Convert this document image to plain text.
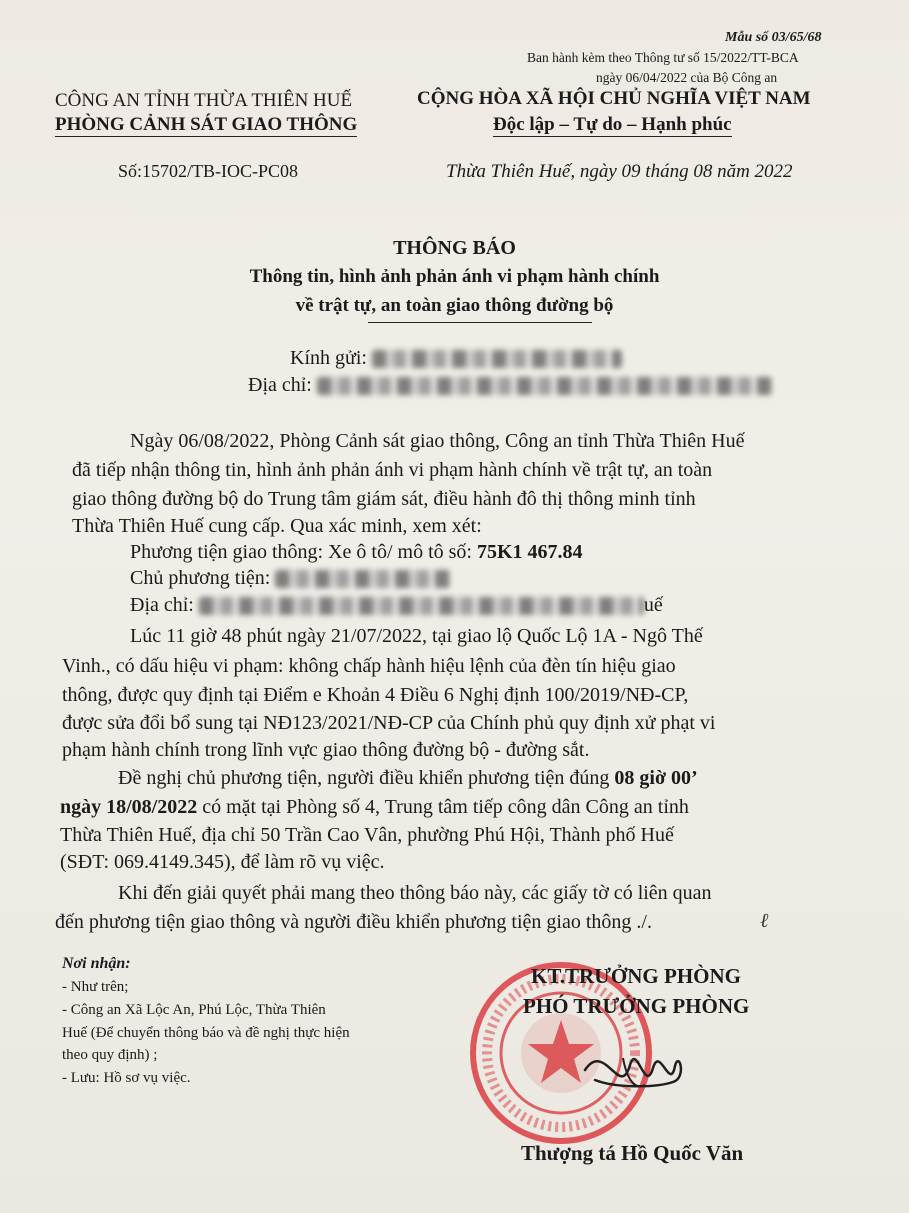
Mẫu số 03/65/68
Ban hành kèm theo Thông tư số 15/2022/TT-BCA
ngày 06/04/2022 của Bộ Công an
CÔNG AN TỈNH THỪA THIÊN HUẾ
PHÒNG CẢNH SÁT GIAO THÔNG
CỘNG HÒA XÃ HỘI CHỦ NGHĨA VIỆT NAM
Độc lập – Tự do – Hạnh phúc
Số:15702/TB-IOC-PC08	Thừa Thiên Huế, ngày 09 tháng 08 năm 2022
THÔNG BÁO
Thông tin, hình ảnh phản ánh vi phạm hành chính
về trật tự, an toàn giao thông đường bộ
Kính gửi:
Địa chỉ:
Ngày 06/08/2022, Phòng Cảnh sát giao thông, Công an tỉnh Thừa Thiên Huế
đã tiếp nhận thông tin, hình ảnh phản ánh vi phạm hành chính về trật tự, an toàn
giao thông đường bộ do Trung tâm giám sát, điều hành đô thị thông minh tỉnh
Thừa Thiên Huế cung cấp. Qua xác minh, xem xét:
Phương tiện giao thông: Xe ô tô/ mô tô số: 75K1 467.84
Chủ phương tiện:
Địa chỉ:	uế
Lúc 11 giờ 48 phút ngày 21/07/2022, tại giao lộ Quốc Lộ 1A - Ngô Thế
Vinh., có dấu hiệu vi phạm: không chấp hành hiệu lệnh của đèn tín hiệu giao
thông, được quy định tại Điểm e Khoản 4 Điều 6 Nghị định 100/2019/NĐ-CP,
được sửa đổi bổ sung tại NĐ123/2021/NĐ-CP của Chính phủ quy định xử phạt vi
phạm hành chính trong lĩnh vực giao thông đường bộ - đường sắt.
Đề nghị chủ phương tiện, người điều khiển phương tiện đúng 08 giờ 00’
ngày 18/08/2022 có mặt tại Phòng số 4, Trung tâm tiếp công dân Công an tỉnh
Thừa Thiên Huế, địa chỉ 50 Trần Cao Vân, phường Phú Hội, Thành phố Huế
(SĐT: 069.4149.345), để làm rõ vụ việc.
Khi đến giải quyết phải mang theo thông báo này, các giấy tờ có liên quan
đến phương tiện giao thông và người điều khiển phương tiện giao thông ./.	ℓ
Nơi nhận:
- Như trên;
- Công an Xã Lộc An, Phú Lộc, Thừa Thiên
Huế (Để chuyển thông báo và đề nghị thực hiện
theo quy định) ;
- Lưu: Hồ sơ vụ việc.
KT.TRƯỞNG PHÒNG
PHÓ TRƯỞNG PHÒNG
Thượng tá Hồ Quốc Văn
